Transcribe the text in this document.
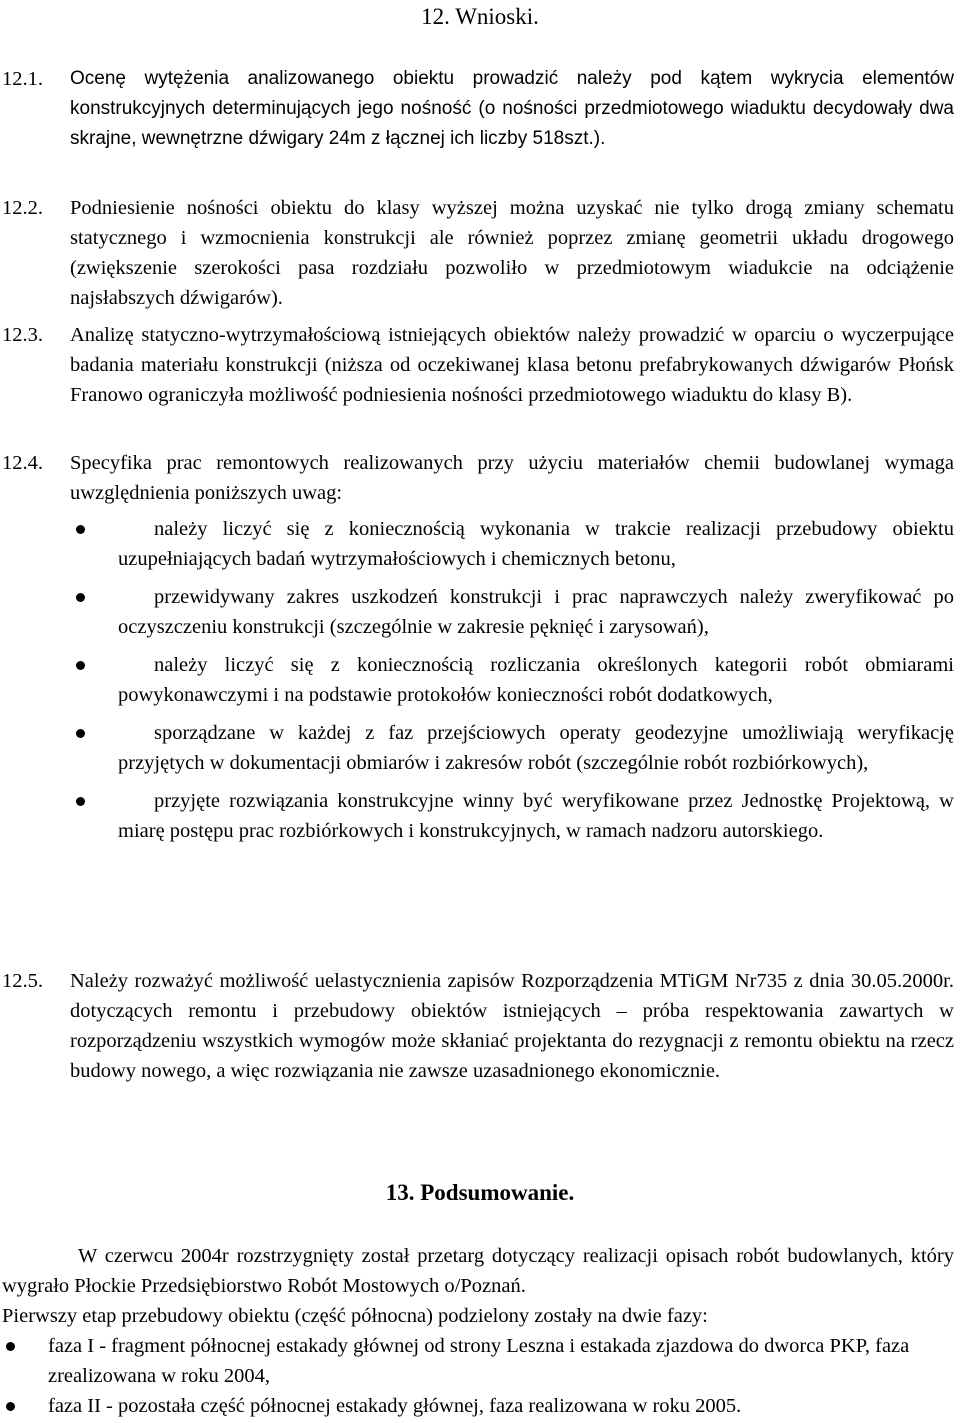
12. Wnioski.
12.1. Ocenę wytężenia analizowanego obiektu prowadzić należy pod kątem wykrycia elementów konstrukcyjnych determinujących jego nośność (o nośności przedmiotowego wiaduktu decydowały dwa skrajne, wewnętrzne dźwigary 24m z łącznej ich liczby 518szt.).

12.2. Podniesienie nośności obiektu do klasy wyższej można uzyskać nie tylko drogą zmiany schematu statycznego i wzmocnienia konstrukcji ale również poprzez zmianę geometrii układu drogowego (zwiększenie szerokości pasa rozdziału pozwoliło w przedmiotowym wiadukcie na odciążenie najsłabszych dźwigarów).

12.3. Analizę statyczno-wytrzymałościową istniejących obiektów należy prowadzić w oparciu o wyczerpujące badania materiału konstrukcji (niższa od oczekiwanej klasa betonu prefabrykowanych dźwigarów Płońsk Franowo ograniczyła możliwość podniesienia nośności przedmiotowego wiaduktu do klasy B).

12.4. Specyfika prac remontowych realizowanych przy użyciu materiałów chemii budowlanej wymaga uwzględnienia poniższych uwag:

należy liczyć się z koniecznością wykonania w trakcie realizacji przebudowy obiektu uzupełniających badań wytrzymałościowych i chemicznych betonu,
przewidywany zakres uszkodzeń konstrukcji i prac naprawczych należy zweryfikować po oczyszczeniu konstrukcji (szczególnie w zakresie pęknięć i zarysowań),
należy liczyć się z koniecznością rozliczania określonych kategorii robót obmiarami powykonawczymi i na podstawie protokołów konieczności robót dodatkowych,
sporządzane w każdej z faz przejściowych operaty geodezyjne umożliwiają weryfikację przyjętych w dokumentacji obmiarów i zakresów robót (szczególnie robót rozbiórkowych),
przyjęte rozwiązania konstrukcyjne winny być weryfikowane przez Jednostkę Projektową, w miarę postępu prac rozbiórkowych i konstrukcyjnych, w ramach nadzoru autorskiego.
12.5. Należy rozważyć możliwość uelastycznienia zapisów Rozporządzenia MTiGM Nr735 z dnia 30.05.2000r. dotyczących remontu i przebudowy obiektów istniejących – próba respektowania zawartych w rozporządzeniu wszystkich wymogów może skłaniać projektanta do rezygnacji z remontu obiektu na rzecz budowy nowego, a więc rozwiązania nie zawsze uzasadnionego ekonomicznie.

13. Podsumowanie.

W czerwcu 2004r rozstrzygnięty został przetarg dotyczący realizacji opisach robót budowlanych, który wygrało Płockie Przedsiębiorstwo Robót Mostowych o/Poznań.

Pierwszy etap przebudowy obiektu (część północna) podzielony zostały na dwie fazy:

faza I - fragment północnej estakady głównej od strony Leszna i estakada zjazdowa do dworca PKP, faza zrealizowana w roku 2004,
faza II - pozostała część północnej estakady głównej, faza realizowana w roku 2005.
